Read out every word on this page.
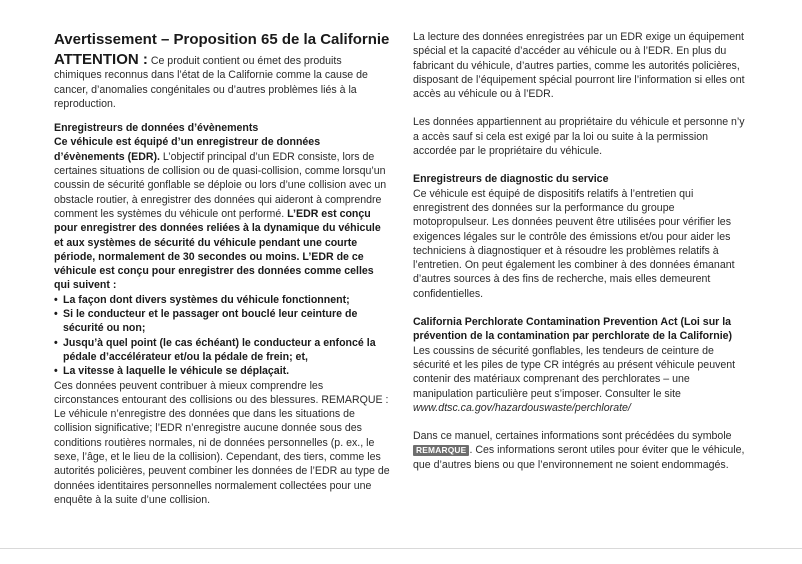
Avertissement – Proposition 65 de la Californie

ATTENTION : Ce produit contient ou émet des produits chimiques reconnus dans l’état de la Californie comme la cause de cancer, d’anomalies congénitales ou d’autres problèmes liés à la reproduction.

Enregistreurs de données d’évènements

Ce véhicule est équipé d’un enregistreur de données d’évènements (EDR). L’objectif principal d’un EDR consiste, lors de certaines situations de collision ou de quasi-collision, comme lorsqu’un coussin de sécurité gonflable se déploie ou lors d’une collision avec un obstacle routier, à enregistrer des données qui aideront à comprendre comment les systèmes du véhicule ont performé. L’EDR est conçu pour enregistrer des données reliées à la dynamique du véhicule et aux systèmes de sécurité du véhicule pendant une courte période, normalement de 30 secondes ou moins. L’EDR de ce véhicule est conçu pour enregistrer des données comme celles qui suivent :

• La façon dont divers systèmes du véhicule fonctionnent;
• Si le conducteur et le passager ont bouclé leur ceinture de sécurité ou non;
• Jusqu’à quel point (le cas échéant) le conducteur a enfoncé la pédale d’accélérateur et/ou la pédale de frein; et,
• La vitesse à laquelle le véhicule se déplaçait.

Ces données peuvent contribuer à mieux comprendre les circonstances entourant des collisions ou des blessures. REMARQUE : Le véhicule n’enregistre des données que dans les situations de collision significative; l’EDR n’enregistre aucune donnée sous des conditions routières normales, ni de données personnelles (p. ex., le sexe, l’âge, et le lieu de la collision). Cependant, des tiers, comme les autorités policières, peuvent combiner les données de l’EDR au type de données identitaires personnelles normalement collectées pour une enquête à la suite d’une collision.

La lecture des données enregistrées par un EDR exige un équipement spécial et la capacité d’accéder au véhicule ou à l’EDR. En plus du fabricant du véhicule, d’autres parties, comme les autorités policières, disposant de l’équipement spécial pourront lire l’information si elles ont accès au véhicule ou à l’EDR.

Les données appartiennent au propriétaire du véhicule et personne n’y a accès sauf si cela est exigé par la loi ou suite à la permission accordée par le propriétaire du véhicule.

Enregistreurs de diagnostic du service

Ce véhicule est équipé de dispositifs relatifs à l’entretien qui enregistrent des données sur la performance du groupe motopropulseur. Les données peuvent être utilisées pour vérifier les exigences légales sur le contrôle des émissions et/ou pour aider les techniciens à diagnostiquer et à résoudre les problèmes relatifs à l’entretien. On peut également les combiner à des données émanant d’autres sources à des fins de recherche, mais elles demeurent confidentielles.

California Perchlorate Contamination Prevention Act (Loi sur la prévention de la contamination par perchlorate de la Californie)

Les coussins de sécurité gonflables, les tendeurs de ceinture de sécurité et les piles de type CR intégrés au présent véhicule peuvent contenir des matériaux comprenant des perchlorates – une manipulation particulière peut s’imposer. Consulter le site www.dtsc.ca.gov/hazardouswaste/perchlorate/

Dans ce manuel, certaines informations sont précédées du symbole REMARQUE . Ces informations seront utiles pour éviter que le véhicule, que d’autres biens ou que l’environnement ne soient endommagés.
